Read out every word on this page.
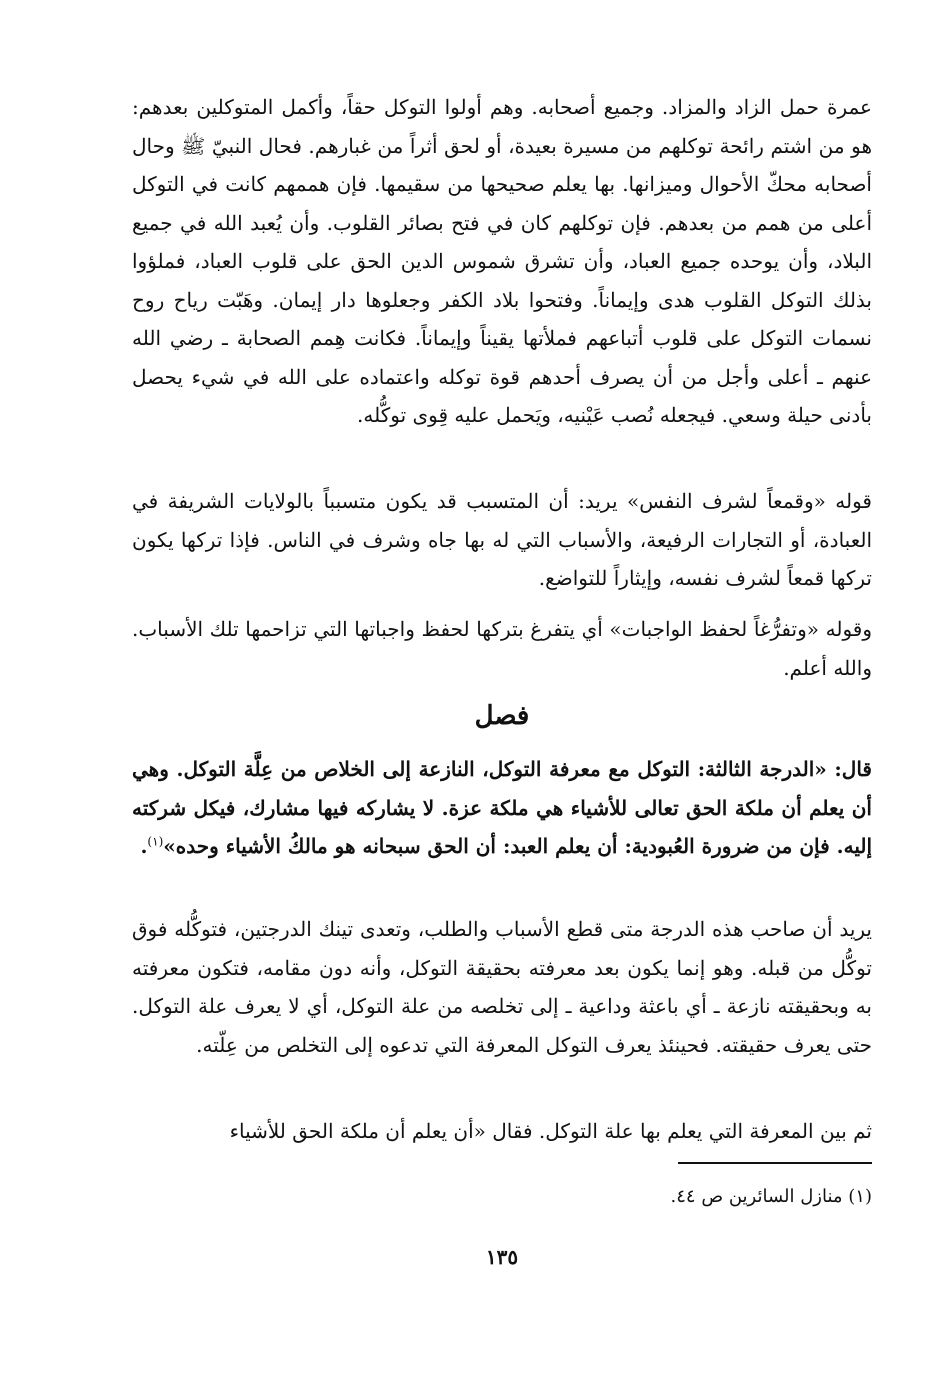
عمرة حمل الزاد والمزاد. وجميع أصحابه. وهم أولوا التوكل حقاً، وأكمل المتوكلين بعدهم: هو من اشتم رائحة توكلهم من مسيرة بعيدة، أو لحق أثراً من غبارهم. فحال النبيّ ﷺ وحال أصحابه محكّ الأحوال وميزانها. بها يعلم صحيحها من سقيمها. فإن هممهم كانت في التوكل أعلى من همم من بعدهم. فإن توكلهم كان في فتح بصائر القلوب. وأن يُعبد الله في جميع البلاد، وأن يوحده جميع العباد، وأن تشرق شموس الدين الحق على قلوب العباد، فملؤوا بذلك التوكل القلوب هدى وإيماناً. وفتحوا بلاد الكفر وجعلوها دار إيمان. وهَبّت رياح روح نسمات التوكل على قلوب أتباعهم فملأتها يقيناً وإيماناً. فكانت هِمم الصحابة ـ رضي الله عنهم ـ أعلى وأجل من أن يصرف أحدهم قوة توكله واعتماده على الله في شيء يحصل بأدنى حيلة وسعي. فيجعله نُصب عَيْنيه، ويَحمل عليه قِوى توكُّله.
قوله «وقمعاً لشرف النفس» يريد: أن المتسبب قد يكون متسبباً بالولايات الشريفة في العبادة، أو التجارات الرفيعة، والأسباب التي له بها جاه وشرف في الناس. فإذا تركها يكون تركها قمعاً لشرف نفسه، وإيثاراً للتواضع.
وقوله «وتفرُّغاً لحفظ الواجبات» أي يتفرغ بتركها لحفظ واجباتها التي تزاحمها تلك الأسباب. والله أعلم.
فصل
قال: «الدرجة الثالثة: التوكل مع معرفة التوكل، النازعة إلى الخلاص من عِلَّة التوكل. وهي أن يعلم أن ملكة الحق تعالى للأشياء هي ملكة عزة. لا يشاركه فيها مشارك، فيكل شركته إليه. فإن من ضرورة العُبودية: أن يعلم العبد: أن الحق سبحانه هو مالكُ الأشياء وحده»$^{(١)}$.
يريد أن صاحب هذه الدرجة متى قطع الأسباب والطلب، وتعدى تينك الدرجتين، فتوكُّله فوق توكُّل من قبله. وهو إنما يكون بعد معرفته بحقيقة التوكل، وأنه دون مقامه، فتكون معرفته به وبحقيقته نازعة ـ أي باعثة وداعية ـ إلى تخلصه من علة التوكل، أي لا يعرف علة التوكل. حتى يعرف حقيقته. فحينئذ يعرف التوكل المعرفة التي تدعوه إلى التخلص من عِلّته.
ثم بين المعرفة التي يعلم بها علة التوكل. فقال «أن يعلم أن ملكة الحق للأشياء
(١) منازل السائرين ص ٤٤.
١٣٥
